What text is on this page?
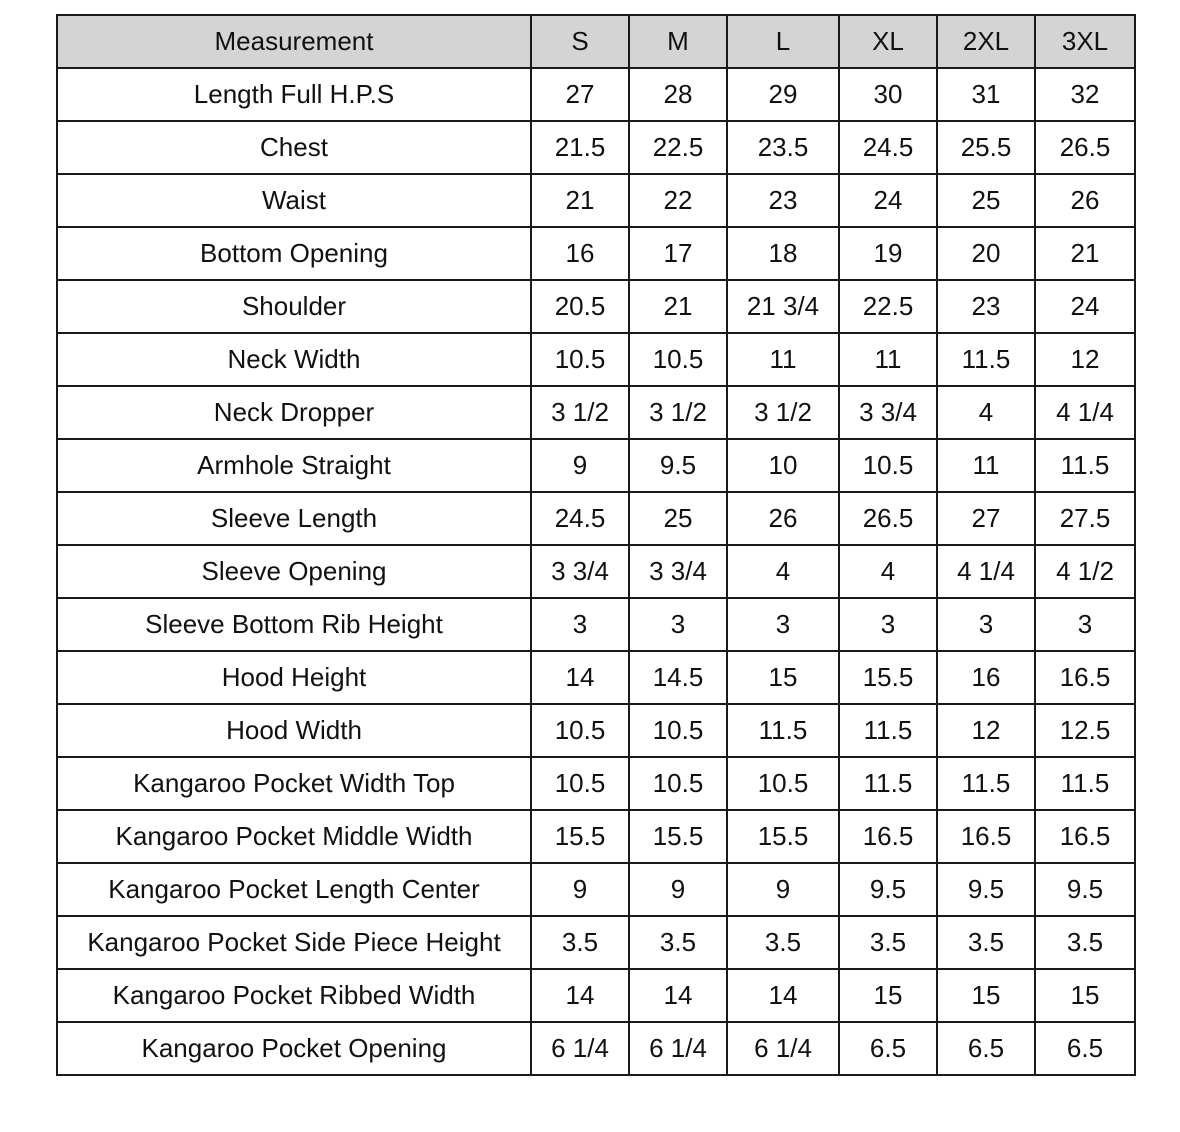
Measurement	S	M	L	XL	2XL	3XL
Length Full H.P.S	27	28	29	30	31	32
Chest	21.5	22.5	23.5	24.5	25.5	26.5
Waist	21	22	23	24	25	26
Bottom Opening	16	17	18	19	20	21
Shoulder	20.5	21	21 3/4	22.5	23	24
Neck Width	10.5	10.5	11	11	11.5	12
Neck Dropper	3 1/2	3 1/2	3 1/2	3 3/4	4	4 1/4
Armhole Straight	9	9.5	10	10.5	11	11.5
Sleeve Length	24.5	25	26	26.5	27	27.5
Sleeve Opening	3 3/4	3 3/4	4	4	4 1/4	4 1/2
Sleeve Bottom Rib Height	3	3	3	3	3	3
Hood Height	14	14.5	15	15.5	16	16.5
Hood Width	10.5	10.5	11.5	11.5	12	12.5
Kangaroo Pocket Width Top	10.5	10.5	10.5	11.5	11.5	11.5
Kangaroo Pocket Middle Width	15.5	15.5	15.5	16.5	16.5	16.5
Kangaroo Pocket Length Center	9	9	9	9.5	9.5	9.5
Kangaroo Pocket Side Piece Height	3.5	3.5	3.5	3.5	3.5	3.5
Kangaroo Pocket Ribbed Width	14	14	14	15	15	15
Kangaroo Pocket Opening	6 1/4	6 1/4	6 1/4	6.5	6.5	6.5
